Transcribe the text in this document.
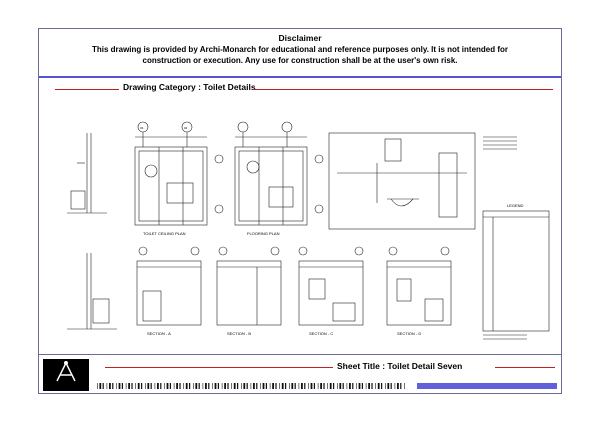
Disclaimer
This drawing is provided by Archi-Monarch for educational and reference purposes only. It is not intended for
construction or execution. Any use for construction shall be at the user's own risk.
Drawing Category : Toilet Details
TOILET CEILING PLAN	FLOORING PLAN
SECTION - A	SECTION - B	SECTION - C	SECTION - D
LEGEND
03	04
Archi-Monarch
Sheet Title : Toilet Detail Seven
